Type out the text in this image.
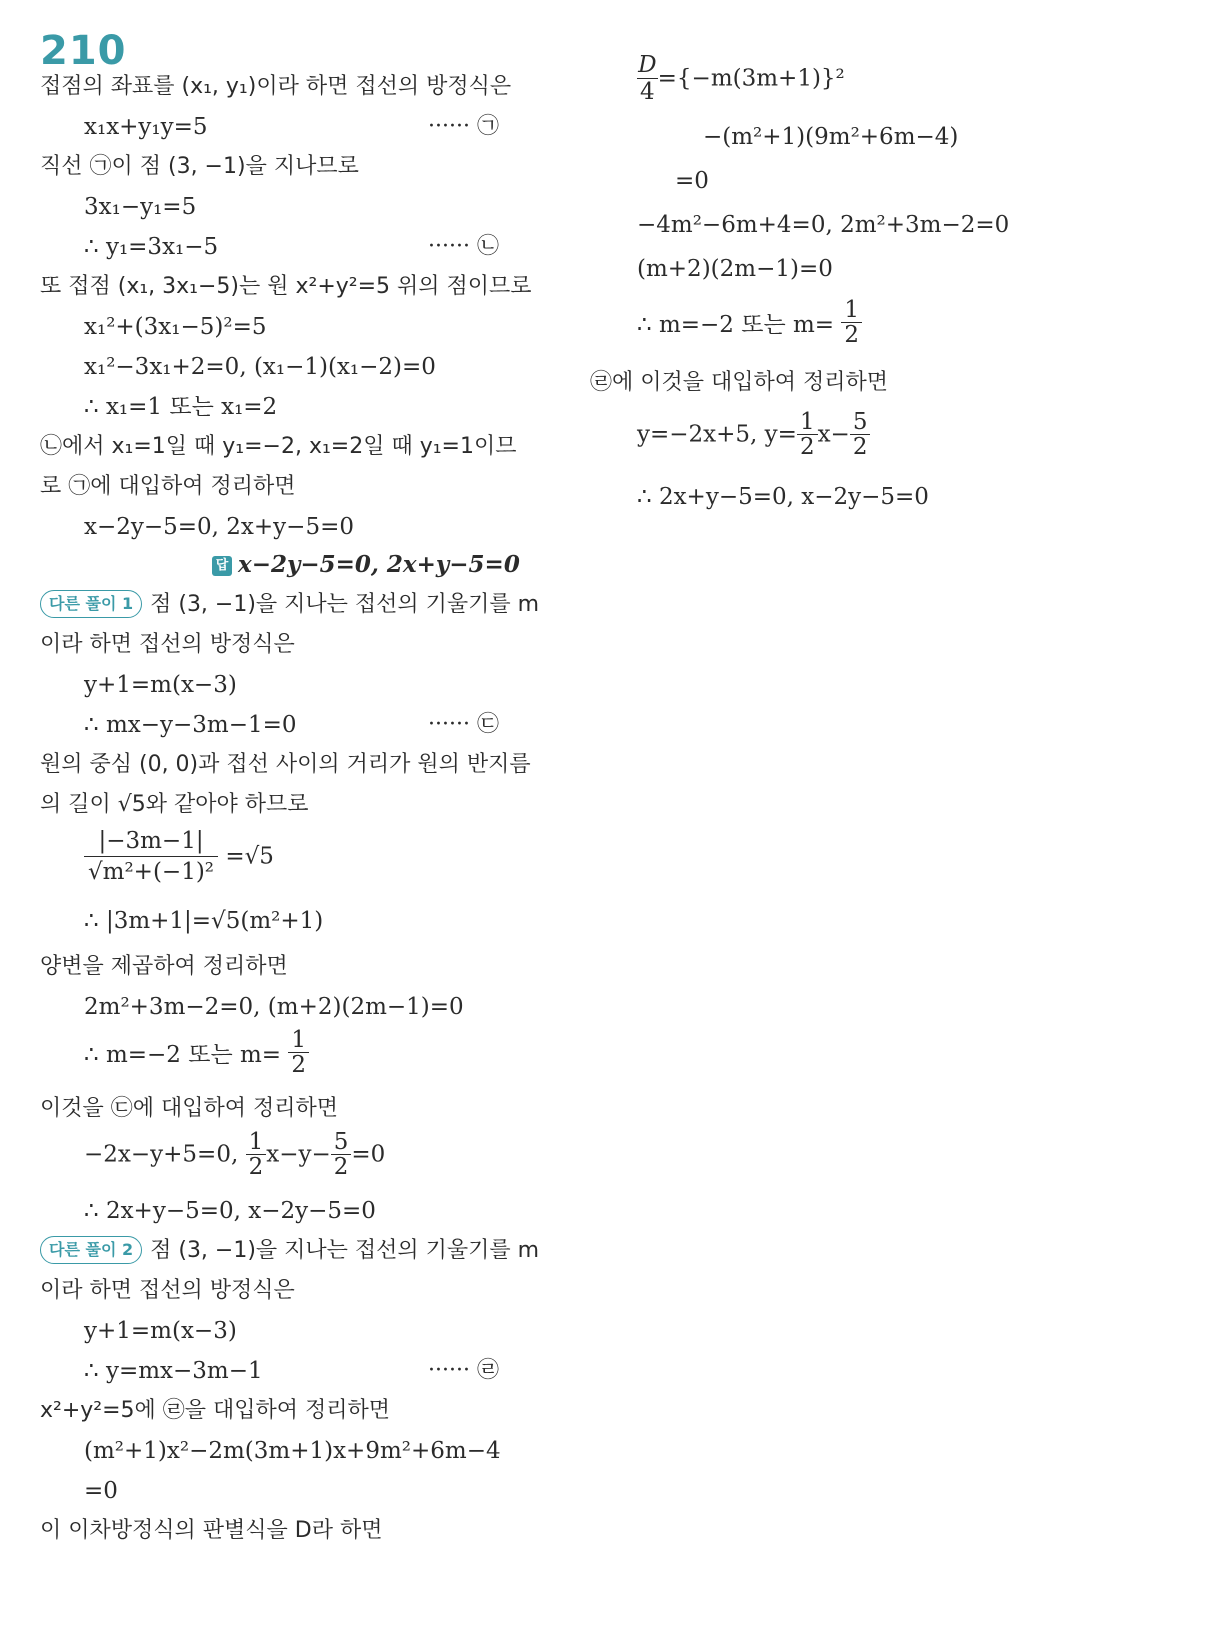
210
답 x−2y−5=0, 2x+y−5=0
다른 풀이 1 점 (3, −1)을 지나는 접선의 기울기를 m
$\frac{|-3m-1|}{\text{√m²+(−1)²}} =√5$
∴ m=−2 또는 $m= \frac{1}{2}$
−2x−y+5=0, $\frac{1}{2} x-y- \frac{5}{2} =0$
다른 풀이 2 점 (3, −1)을 지나는 접선의 기울기를 m
접점의 좌표를 (x₁, y₁)이라 하면 접선의 방정식은
x₁x+y₁y=5	······ ㉠
직선 ㉠이 점 (3, −1)을 지나므로
3x₁−y₁=5
∴ y₁=3x₁−5	······ ㉡
또 접점 (x₁, 3x₁−5)는 원 x²+y²=5 위의 점이므로
x₁²+(3x₁−5)²=5
x₁²−3x₁+2=0, (x₁−1)(x₁−2)=0
∴ x₁=1 또는 x₁=2
㉡에서 x₁=1일 때 y₁=−2, x₁=2일 때 y₁=1이므
로 ㉠에 대입하여 정리하면
x−2y−5=0, 2x+y−5=0
이라 하면 접선의 방정식은
y+1=m(x−3)
∴ mx−y−3m−1=0	······ ㉢
원의 중심 (0, 0)과 접선 사이의 거리가 원의 반지름
의 길이 √5와 같아야 하므로
∴ |3m+1|=√5(m²+1)
양변을 제곱하여 정리하면
2m²+3m−2=0, (m+2)(2m−1)=0
이것을 ㉢에 대입하여 정리하면
∴ 2x+y−5=0, x−2y−5=0
이라 하면 접선의 방정식은
y+1=m(x−3)
∴ y=mx−3m−1	······ ㉣
x²+y²=5에 ㉣을 대입하여 정리하면
(m²+1)x²−2m(3m+1)x+9m²+6m−4
=0
이 이차방정식의 판별식을 D라 하면
$\frac{D}{4} =\{-m(3m+1)\}^2$
∴ m=−2 또는 $m= \frac{1}{2}$
y=−2x+5, $y= \frac{1}{2} x- \frac{5}{2}$
−(m²+1)(9m²+6m−4)
=0
−4m²−6m+4=0, 2m²+3m−2=0
(m+2)(2m−1)=0
㉣에 이것을 대입하여 정리하면
∴ 2x+y−5=0, x−2y−5=0
